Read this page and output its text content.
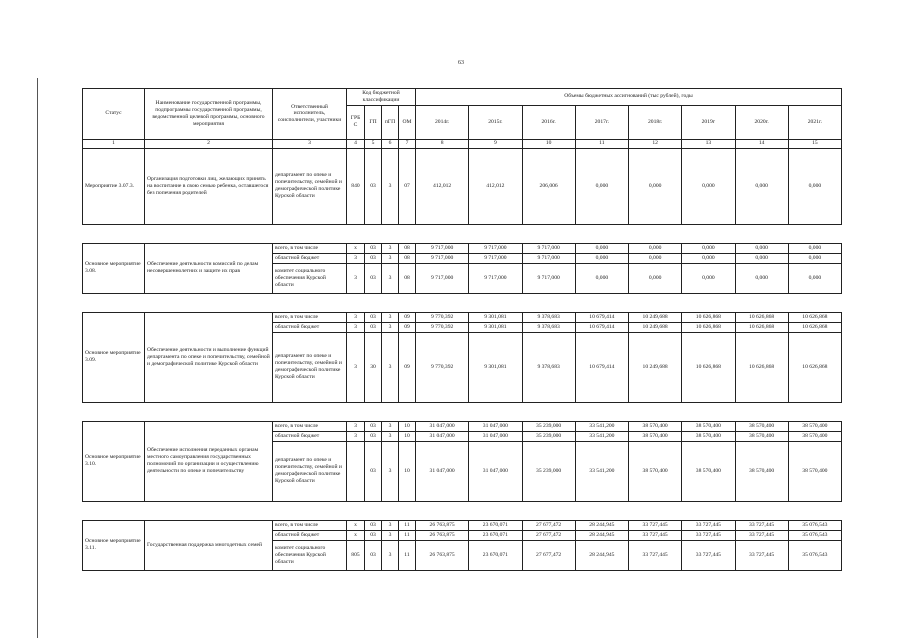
63
Статус	Наименование государственной программы, подпрограммы государственной программы, ведомственной целевой программы, основного мероприятия	Ответственный исполнитель, соисполнители, участники	Код бюджетной классификации				Объемы бюджетных ассигнований (тыс рублей), годы							
			ГРБС	ГП	пГП	ОМ	2014г.	2015г.	2016г.	2017г.	2018г.	2019г	2020г.	2021г.
1	2	3	4	5	6	7	8	9	10	11	12	13	14	15
Мероприятие 3.07.3.	Организация подготовки лиц, желающих принять на воспитание в свою семью ребенка, оставшегося без попечения родителей	департамент по опеке и попечительству, семейной и демографической политике Курской области	840	03	3	07	412,012	412,012	206,006	0,000	0,000	0,000	0,000	0,000

Основное мероприятие 3.08.	Обеспечение деятельности комиссий по делам несовершеннолетних и защите их прав	всего, в том числе	x	03	3	08	9 717,000	9 717,000	9 717,000	0,000	0,000	0,000	0,000	0,000
		областной бюджет	3	03	3	08	9 717,000	9 717,000	9 717,000	0,000	0,000	0,000	0,000	0,000
		комитет социального обеспечения Курской области	3	03	3	08	9 717,000	9 717,000	9 717,000	0,000	0,000	0,000	0,000	0,000

Основное мероприятие 3.09.	Обеспечение деятельности и выполнение функций департамента по опеке и попечительству, семейной и демографической политике Курской области	всего, в том числе	3	03	3	09	9 770,392	9 301,081	9 378,683	10 679,414	10 249,688	10 626,868	10 626,868	10 626,868
		областной бюджет	3	03	3	09	9 770,392	9 301,081	9 378,683	10 679,414	10 249,688	10 626,868	10 626,868	10 626,868
		департамент по опеке и попечительству, семейной и демографической политике Курской области	3	30	3	09	9 770,392	9 301,081	9 378,683	10 679,414	10 249,688	10 626,868	10 626,868	10 626,868

Основное мероприятие 3.10.	Обеспечение исполнения переданных органам местного самоуправления государственных полномочий по организации и осуществлению деятельности по опеке и попечительству	всего, в том числе	3	03	3	10	31 047,000	31 047,000	35 239,000	33 541,200	38 570,400	38 570,400	38 570,400	38 570,400
		областной бюджет	3	03	3	10	31 047,000	31 047,000	35 239,000	33 541,200	38 570,400	38 570,400	38 570,400	38 570,400
		департамент по опеке и попечительству, семейной и демографической политике Курской области		03	3	10	31 047,000	31 047,000	35 239,000	33 541,200	38 570,400	38 570,400	38 570,400	38 570,400

Основное мероприятие 3.11.	Государственная поддержка многодетных семей	всего, в том числе	x	03	3	11	26 763,875	23 670,071	27 677,472	28 244,945	33 727,445	33 727,445	33 727,445	35 076,543
		областной бюджет	x	03	3	11	26 763,875	23 670,071	27 677,472	28 244,945	33 727,445	33 727,445	33 727,445	35 076,543
		комитет социального обеспечения Курской области	805	03	3	11	26 763,875	23 670,071	27 677,472	28 244,945	33 727,445	33 727,445	33 727,445	35 076,543
